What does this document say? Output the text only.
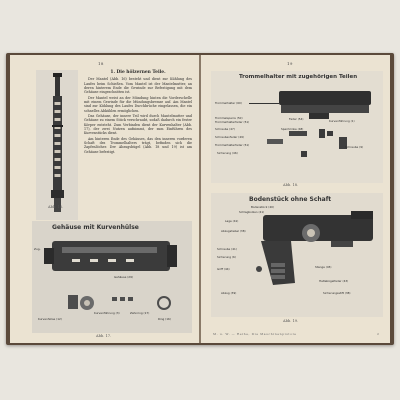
18
Abb. 16.
1. Die hölzernen Teile.

Der Mantel (Abb. 16) besteht und dient zur Kühlung des Laufes beim Schießen. Vom Mantel ist der Mantelmutter, an deren hinterem Ende die Gewinde zur Befestigung mit dem Gehäuse eingeschnitten ist.

Der Mantel weist an der Mündung hinten die Vorderschelle mit einem Gewinde für die Mündungsbremse auf. Am Mantel sind zur Kühlung des Laufes Durchbrüche eingelassen, die ein schnelles Abkühlen ermöglichen.

Das Gehäuse, der innere Teil wird durch Mantelmutter und Gehäuse zu einem Stück verschraubt, sodaß dadurch ein fester Körper entsteht. Zum Verbinden dient der Kurvenhalter (Abb. 17), der zwei Nutzen aufnimmt, der zum Einführen des Kurvenstücks dient.

Am hinteren Ende des Gehäuses, das den inneren vorderen Schaft des Trommelhalters trägt, befinden sich die Zapfenlöcher. Der Abzugsbügel (Abb. 18 und 19) ist am Gehäuse befestigt.

Gehäuse mit Kurvenhülse
Zug-
Gehäuse (29)
Kurvenhülse (12)
Kurvenführung (3)	Zahnring (17)
Ring (16)
Abb. 17.
19
Trommelhalter mit zugehörigen Teilen
Trommelhalter (60)
Trommelsperre (50)	Feder (54)
Trommelhalterfeder (51)	Kurvenführung (1)
Schraube (47)	Sperrklinke (48)
Schraubenfeder (49)
Trommelhalterfeder (51)
Sicherung (46)
Schraube (9)
Abb. 18.
Bodenstück ohne Schaft
Bodenstück (40)
Schlagbolzen (41)
Lage (41)
Abzugshebel (38)
Schraube (41)
Sicherung (6)
Griff (44)
Abzug (39)
Stange (45)
Haltebügelfeder (43)
Sicherungsstift (38)
Abb. 19.
M. u. W. — Reihe, Die Maschinenpistole	2
